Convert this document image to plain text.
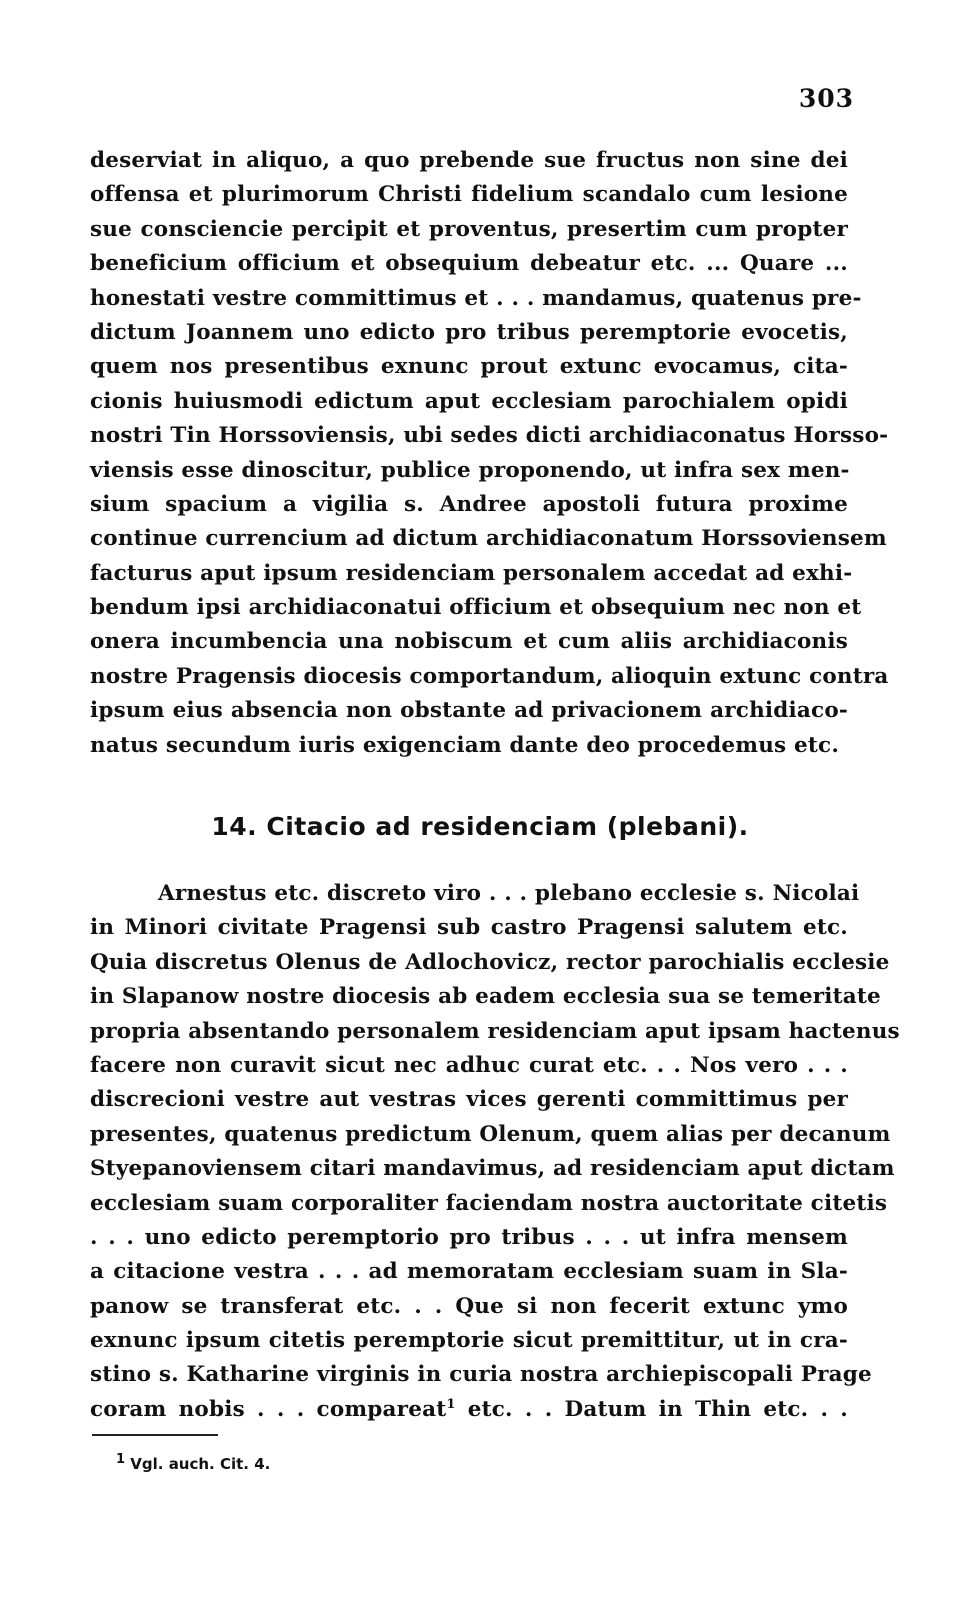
303
deserviat in aliquo, a quo prebende sue fructus non sine dei
offensa et plurimorum Christi fidelium scandalo cum lesione
sue consciencie percipit et proventus, presertim cum propter
beneficium officium et obsequium debeatur etc. ... Quare ...
honestati vestre committimus et . . . mandamus, quatenus pre-
dictum Joannem uno edicto pro tribus peremptorie evocetis,
quem nos presentibus exnunc prout extunc evocamus, cita-
cionis huiusmodi edictum aput ecclesiam parochialem opidi
nostri Tin Horssoviensis, ubi sedes dicti archidiaconatus Horsso-
viensis esse dinoscitur, publice proponendo, ut infra sex men-
sium spacium a vigilia s. Andree apostoli futura proxime
continue currencium ad dictum archidiaconatum Horssoviensem
facturus aput ipsum residenciam personalem accedat ad exhi-
bendum ipsi archidiaconatui officium et obsequium nec non et
onera incumbencia una nobiscum et cum aliis archidiaconis
nostre Pragensis diocesis comportandum, alioquin extunc contra
ipsum eius absencia non obstante ad privacionem archidiaco-
natus secundum iuris exigenciam dante deo procedemus etc.
14. Citacio ad residenciam (plebani).
Arnestus etc. discreto viro . . . plebano ecclesie s. Nicolai
in Minori civitate Pragensi sub castro Pragensi salutem etc.
Quia discretus Olenus de Adlochovicz, rector parochialis ecclesie
in Slapanow nostre diocesis ab eadem ecclesia sua se temeritate
propria absentando personalem residenciam aput ipsam hactenus
facere non curavit sicut nec adhuc curat etc. . . Nos vero . . .
discrecioni vestre aut vestras vices gerenti committimus per
presentes, quatenus predictum Olenum, quem alias per decanum
Styepanoviensem citari mandavimus, ad residenciam aput dictam
ecclesiam suam corporaliter faciendam nostra auctoritate citetis
. . . uno edicto peremptorio pro tribus . . . ut infra mensem
a citacione vestra . . . ad memoratam ecclesiam suam in Sla-
panow se transferat etc. . . Que si non fecerit extunc ymo
exnunc ipsum citetis peremptorie sicut premittitur, ut in cra-
stino s. Katharine virginis in curia nostra archiepiscopali Prage
coram nobis . . . compareat$^1$ etc. . . Datum in Thin etc. . .
$^1$ Vgl. auch. Cit. 4.
